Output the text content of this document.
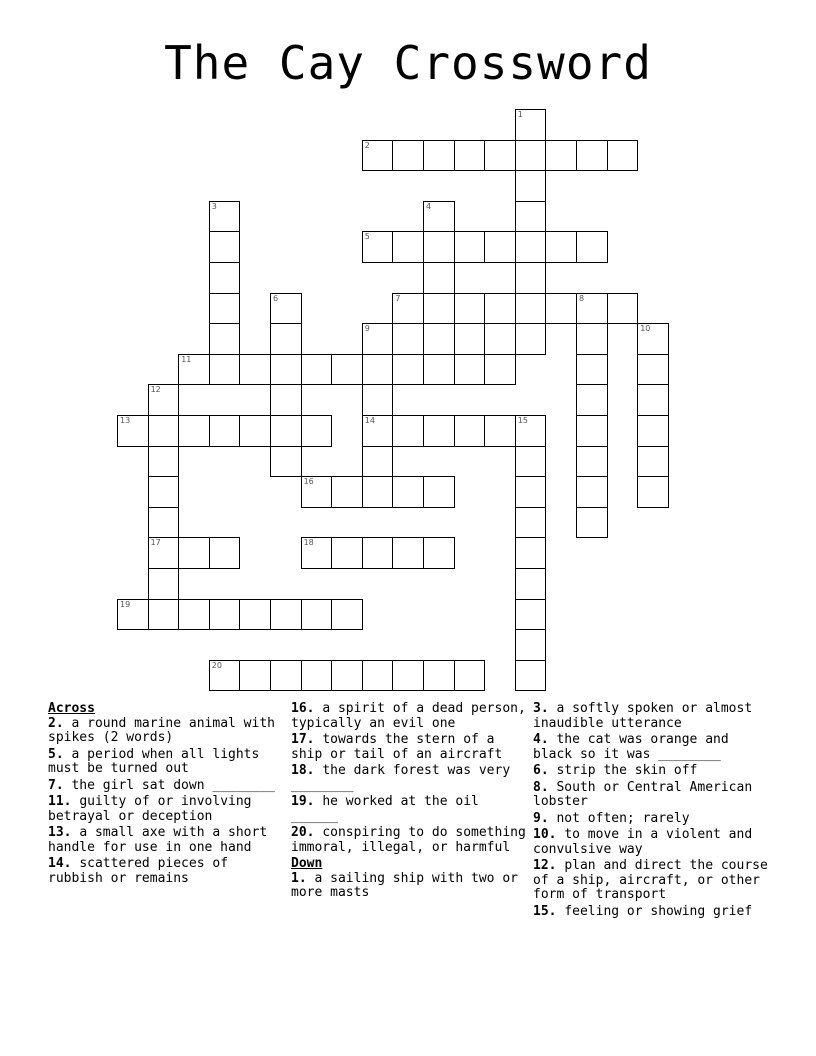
The Cay Crossword
2
5
7	8
11
13	14	15
16
17	18
19
20
1
3	4
6
9	10
12
Across
2. a round marine animal with spikes (2 words)
5. a period when all lights must be turned out
7. the girl sat down ________
11. guilty of or involving betrayal or deception
13. a small axe with a short handle for use in one hand
14. scattered pieces of rubbish or remains
16. a spirit of a dead person, typically an evil one
17. towards the stern of a ship or tail of an aircraft
18. the dark forest was very ________
19. he worked at the oil ______
20. conspiring to do something immoral, illegal, or harmful
Down
1. a sailing ship with two or more masts
3. a softly spoken or almost inaudible utterance
4. the cat was orange and black so it was ________
6. strip the skin off
8. South or Central American lobster
9. not often; rarely
10. to move in a violent and convulsive way
12. plan and direct the course of a ship, aircraft, or other form of transport
15. feeling or showing grief
